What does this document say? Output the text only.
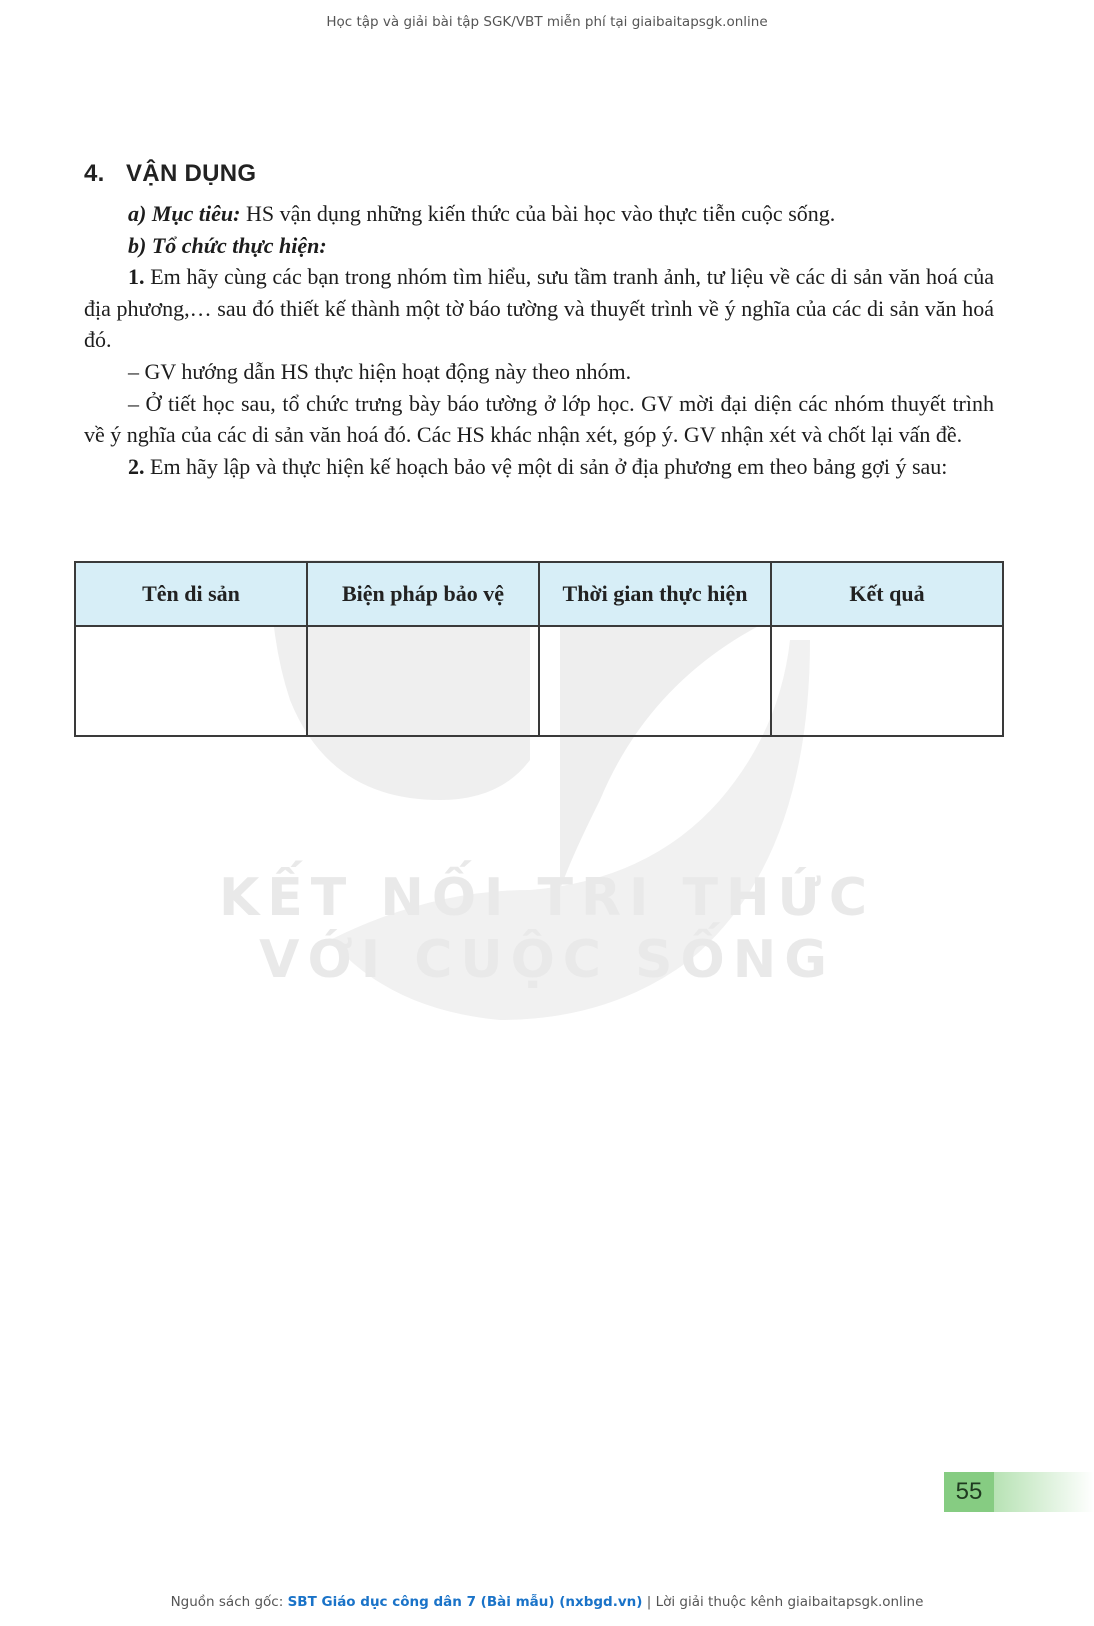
Học tập và giải bài tập SGK/VBT miễn phí tại giaibaitapsgk.online
KẾT NỐI TRI THỨC
VỚI CUỘC SỐNG
4. VẬN DỤNG

a) Mục tiêu: HS vận dụng những kiến thức của bài học vào thực tiễn cuộc sống.

b) Tổ chức thực hiện:

1. Em hãy cùng các bạn trong nhóm tìm hiểu, sưu tầm tranh ảnh, tư liệu về các di sản văn hoá của địa phương,… sau đó thiết kế thành một tờ báo tường và thuyết trình về ý nghĩa của các di sản văn hoá đó.

– GV hướng dẫn HS thực hiện hoạt động này theo nhóm.

– Ở tiết học sau, tổ chức trưng bày báo tường ở lớp học. GV mời đại diện các nhóm thuyết trình về ý nghĩa của các di sản văn hoá đó. Các HS khác nhận xét, góp ý. GV nhận xét và chốt lại vấn đề.

2. Em hãy lập và thực hiện kế hoạch bảo vệ một di sản ở địa phương em theo bảng gợi ý sau:

Tên di sản	Biện pháp bảo vệ	Thời gian thực hiện	Kết quả

55
Nguồn sách gốc: SBT Giáo dục công dân 7 (Bài mẫu) (nxbgd.vn) | Lời giải thuộc kênh giaibaitapsgk.online
